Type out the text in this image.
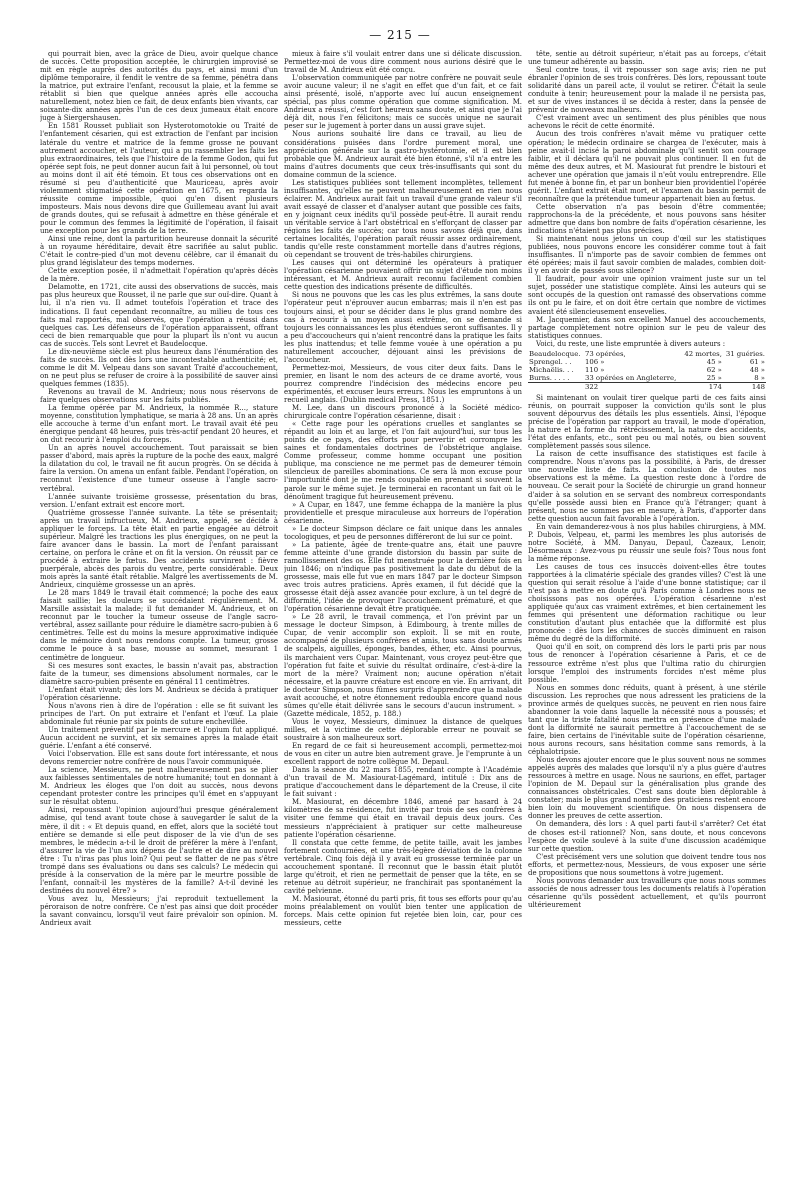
— 215 —

qui pourrait bien, avec la grâce de Dieu, avoir quelque chance de succès. Cette proposition acceptée, le chirurgien improvisé se mit en règle auprès des autorités du pays, et ainsi muni d'un diplôme temporaire, il fendit le ventre de sa femme, pénétra dans la matrice, put extraire l'enfant, recousut la plaie, et la femme se rétablit si bien que quelque années après elle accoucha naturellement, notez bien ce fait, de deux enfants bien vivants, car soixante-dix années après l'un de ces deux jumeaux était encore juge à Siergershausen.

En 1581 Rousset publiait son Hysterotomotokie ou Traité de l'enfantement césarien, qui est extraction de l'enfant par incision latérale du ventre et matrice de la femme grosse ne pouvant autrement accoucher, et l'auteur, qui a pu rassembler les faits les plus extraordinaires, tels que l'histoire de la femme Godon, qui fut opérée sept fois, ne peut donner aucun fait à lui personnel, où tout au moins dont il ait été témoin. Et tous ces observations ont en résumé si peu d'authenticité que Mauriceau, après avoir violemment stigmatisé cette opération en 1675, en regarda la réussite comme impossible, quoi qu'en disent plusieurs imposteurs. Mais nous devons dire que Guillemeau avant lui avait de grands doutes, qui se refusait à admettre en thèse générale et pour le commun des femmes la légitimité de l'opération, il faisait une exception pour les grands de la terre.

Ainsi une reine, dont la parturition heureuse donnait la sécurité à un royaume héréditaire, devait être sacrifiée au salut public. C'était le contre-pied d'un mot devenu célèbre, car il émanait du plus grand législateur des temps modernes.

Cette exception posée, il n'admettait l'opération qu'après décès de la mère.

Delamotte, en 1721, cite aussi des observations de succès, mais pas plus heureux que Rousset, il ne parle que sur ouï-dire. Quant à lui, il n'a rien vu. Il admet toutefois l'opération et trace des indications. Il faut cependant reconnaître, au milieu de tous ces faits mal rapportés, mal observés, que l'opération a réussi dans quelques cas. Les défenseurs de l'opération apparaissent, offrant ceci de bien remarquable que pour la plupart ils n'ont vu aucun cas de succès. Tels sont Levret et Baudelocque.

Le dix-neuvième siècle est plus heureux dans l'énumération des faits de succès. Ils ont dès lors une incontestable authenticité; et, comme le dit M. Velpeau dans son savant Traité d'accouchement, on ne peut plus se refuser de croire à la possibilité de sauver ainsi quelques femmes (1835).

Revenons au travail de M. Andrieux; nous nous réservons de faire quelques observations sur les faits publiés.

La femme opérée par M. Andrieux, la nommée R..., stature moyenne, constitution lymphatique, se maria à 28 ans. Un an après elle accouche à terme d'un enfant mort. Le travail avait été peu énergique pendant 48 heures, puis très-actif pendant 20 heures, et on dut recourir à l'emploi du forceps.

Un an après nouvel accouchement. Tout paraissait se bien passer d'abord, mais après la rupture de la poche des eaux, malgré la dilatation du col, le travail ne fit aucun progrès. On se décida à faire la version. On amena un enfant faible. Pendant l'opération, on reconnut l'existence d'une tumeur osseuse à l'angle sacro-vertébral.

L'année suivante troisième grossesse, présentation du bras, version. L'enfant extrait est encore mort.

Quatrième grossesse l'année suivante. La tête se présentait; après un travail infructueux, M. Andrieux, appelé, se décide à appliquer le forceps. La tête était en partie engagée au détroit supérieur. Malgré les tractions les plus énergiques, on ne peut la faire avancer dans le bassin. La mort de l'enfant paraissant certaine, on perfora le crâne et on fit la version. On réussit par ce procédé à extraire le fœtus. Des accidents survinrent : fièvre puerpérale, abcès des parois du ventre, perte considérable. Deux mois après la santé était rétablie. Malgré les avertissements de M. Andrieux, cinquième grossesse un an après.

Le 28 mars 1849 le travail était commencé; la poche des eaux faisait saillie; les douleurs se succédaient régulièrement. M. Marsille assistait la malade; il fut demander M. Andrieux, et on reconnut par le toucher la tumeur osseuse de l'angle sacro-vertébral, assez saillante pour réduire le diamètre sacro-pubien à 6 centimètres. Telle est du moins la mesure approximative indiquée dans le mémoire dont nous rendons compte. La tumeur, grosse comme le pouce à sa base, mousse au sommet, mesurant 1 centimètre de longueur.

Si ces mesures sont exactes, le bassin n'avait pas, abstraction faite de la tumeur, ses dimensions absolument normales, car le diamètre sacro-pubien présente en général 11 centimètres.

L'enfant était vivant; dès lors M. Andrieux se décida à pratiquer l'opération césarienne.

Nous n'avons rien à dire de l'opération : elle se fit suivant les principes de l'art. On put extraire et l'enfant et l'œuf. La plaie abdominale fut réunie par six points de suture enchevillée.

Un traitement préventif par le mercure et l'opium fut appliqué. Aucun accident ne survint, et six semaines après la malade était guérie. L'enfant a été conservé.

Voici l'observation. Elle est sans doute fort intéressante, et nous devons remercier notre confrère de nous l'avoir communiquée.

La science, Messieurs, ne peut malheureusement pas se plier aux faiblesses sentimentales de notre humanité; tout en donnant à M. Andrieux les éloges que l'on doit au succès, nous devons cependant protester contre les principes qu'il émet en s'appuyant sur le résultat obtenu.

Ainsi, repoussant l'opinion aujourd'hui presque généralement admise, qui tend avant toute chose à sauvegarder le salut de la mère, il dit : « Et depuis quand, en effet, alors que la société tout entière se demande si elle peut disposer de la vie d'un de ses membres, le médecin a-t-il le droit de préférer la mère à l'enfant, d'assurer la vie de l'un aux dépens de l'autre et de dire au nouvel être : Tu n'iras pas plus loin? Qui peut se flatter de ne pas s'être trompé dans ses évaluations ou dans ses calculs? Le médecin qui préside à la conservation de la mère par le meurtre possible de l'enfant, connaît-il les mystères de la famille? A-t-il deviné les destinées du nouvel être? »

Vous avez lu, Messieurs; j'ai reproduit textuellement la péroraison de notre confrère. Ce n'est pas ainsi que doit procéder la savant convaincu, lorsqu'il veut faire prévaloir son opinion. M. Andrieux avait

mieux à faire s'il voulait entrer dans une si délicate discussion. Permettez-moi de vous dire comment nous aurions désiré que le travail de M. Andrieux eût été conçu.

L'observation communiquée par notre confrère ne pouvait seule avoir aucune valeur; il ne s'agit en effet que d'un fait, et ce fait ainsi présenté, isolé, n'apporte avec lui aucun enseignement spécial, pas plus comme opération que comme signification. M. Andrieux a réussi, c'est fort heureux sans doute, et ainsi que je l'ai déjà dit, nous l'en félicitons; mais ce succès unique ne saurait peser sur le jugement à porter dans un aussi grave sujet.

Nous aurions souhaité lire dans ce travail, au lieu de considérations puisées dans l'ordre purement moral, une appréciation générale sur la gastro-hystérotomie, et il est bien probable que M. Andrieux aurait été bien étonné, s'il n'a entre les mains d'autres documents que ceux très-insuffisants qui sont du domaine commun de la science.

Les statistiques publiées sont tellement incomplètes, tellement insuffisantes, qu'elles ne peuvent malheureusement en rien nous éclairer. M. Andrieux aurait fait un travail d'une grande valeur s'il avait essayé de classer et d'analyser autant que possible ces faits, en y joignant ceux inédits qu'il possède peut-être. Il aurait rendu un véritable service à l'art obstétrical en s'efforçant de classer par régions les faits de succès; car tous nous savons déjà que, dans certaines localités, l'opération paraît réussir assez ordinairement, tandis qu'elle reste constamment mortelle dans d'autres régions, où cependant se trouvent de très-habiles chirurgiens.

Les causes qui ont déterminé les opérateurs à pratiquer l'opération césarienne pouvaient offrir un sujet d'étude non moins intéressant, et M. Andrieux aurait reconnu facilement combien cette question des indications présente de difficultés.

Si nous ne pouvons que les cas les plus extrêmes, la sans doute l'opérateur peut n'éprouver aucun embarras; mais il n'en est pas toujours ainsi, et pour se décider dans le plus grand nombre des cas à recourir à un moyen aussi extrême, on se demande si toujours les connaissances les plus étendues seront suffisantes. Il y a peu d'accoucheurs qui n'aient rencontré dans la pratique les faits les plus inattendus; et telle femme vouée à une opération a pu naturellement accoucher, déjouant ainsi les prévisions de l'accoucheur.

Permettez-moi, Messieurs, de vous citer deux faits. Dans le premier, en lisant le nom des acteurs de ce drame avorté, vous pourrez comprendre l'indécision des médecins encore peu expérimentés, et excuser leurs erreurs. Nous les empruntons à un recueil anglais. (Dublin medical Press, 1851.)

M. Lee, dans un discours prononcé à la Société médico-chirurgicale contre l'opération césarienne, disait :

« Cette rage pour les opérations cruelles et sanglantes se répandit au loin et au large, et l'on fait aujourd'hui, sur tous les points de ce pays, des efforts pour pervertir et corrompre les saines et fondamentales doctrines de l'obstétrique anglaise. Comme professeur, comme homme occupant une position publique, ma conscience ne me permet pas de demeurer témoin silencieux de pareilles abominations. Ce sera là mon excuse pour l'importunité dont je me rends coupable en prenant si souvent la parole sur le même sujet. Je terminerai en racontant un fait où le dénoûment tragique fut heureusement prévenu.

» A Cupar, en 1847, une femme échappa de la manière la plus providentielle et presque miraculeuse aux horreurs de l'opération césarienne.

» Le docteur Simpson déclare ce fait unique dans les annales tocologiques, et peu de personnes différeront de lui sur ce point.

» La patiente, âgée de trente-quatre ans, était une pauvre femme atteinte d'une grande distorsion du bassin par suite de ramollissement des os. Elle fut menstruée pour la dernière fois en juin 1846; on n'indique pas positivement la date du début de la grossesse, mais elle fut vue en mars 1847 par le docteur Simpson avec trois autres praticiens. Après examen, il fut décidé que la grossesse était déjà assez avancée pour exclure, à un tel degré de difformité, l'idée de provoquer l'accouchement prématuré, et que l'opération césarienne devait être pratiquée.

» Le 28 avril, le travail commença, et l'on prévint par un message le docteur Simpson, à Edimbourg, à trente milles de Cupar, de venir accomplir son exploit. Il se mit en route, accompagné de plusieurs confrères et amis, tous sans doute armés de scalpels, aiguilles, éponges, bandes, éther, etc. Ainsi pourvus, ils marchaient vers Cupar. Maintenant, vous croyez peut-être que l'opération fut faite et suivie du résultat ordinaire, c'est-à-dire la mort de la mère? Vraiment non; aucune opération n'était nécessaire, et la pauvre créature est encore en vie. En arrivant, dit le docteur Simpson, nous fûmes surpris d'apprendre que la malade avait accouché, et notre étonnement redoubla encore quand nous sûmes qu'elle était délivrée sans le secours d'aucun instrument. » (Gazette médicale, 1852, p. 188.)

Vous le voyez, Messieurs, diminuez la distance de quelques milles, et la victime de cette déplorable erreur ne pouvait se soustraire à son malheureux sort.

En regard de ce fait si heureusement accompli, permettez-moi de vous en citer un autre bien autrement grave. Je l'emprunte à un excellent rapport de notre collègue M. Depaul.

Dans la séance du 22 mars 1855, rendant compte à l'Académie d'un travail de M. Masiourat-Lagémard, intitulé : Dix ans de pratique d'accouchement dans le département de la Creuse, il cite le fait suivant :

M. Masiourat, en décembre 1846, amené par hasard à 24 kilomètres de sa résidence, fut invité par trois de ses confrères à visiter une femme qui était en travail depuis deux jours. Ces messieurs n'appréciaient à pratiquer sur cette malheureuse patiente l'opération césarienne.

Il constata que cette femme, de petite taille, avait les jambes fortement contournées, et une très-légère déviation de la colonne vertébrale. Cinq fois déjà il y avait eu grossesse terminée par un accouchement spontané. Il reconnut que le bassin était plutôt large qu'étroit, et rien ne permettait de penser que la tête, en se retenue au détroit supérieur, ne franchirait pas spontanément la cavité pelvienne.

M. Masiourat, étonné du parti pris, fit tous ses efforts pour qu'au moins préalablement on voulût bien tenter une application de forceps. Mais cette opinion fut rejetée bien loin, car, pour ces messieurs, cette

tête, sentie au détroit supérieur, n'était pas au forceps, c'était une tumeur adhérente au bassin.

Seul contre tous, il vit repousser son sage avis; rien ne put ébranler l'opinion de ses trois confrères. Dès lors, repoussant toute solidarité dans un pareil acte, il voulut se retirer. C'était la seule conduite à tenir; heureusement pour la malade il ne persista pas, et sur de vives instances il se décida à rester, dans la pensée de prévenir de nouveaux malheurs.

C'est vraiment avec un sentiment des plus pénibles que nous achevons le récit de cette énormité.

Aucun des trois confrères n'avait même vu pratiquer cette opération; le médecin ordinaire se chargea de l'exécuter, mais à peine avait-il incisé la paroi abdominale qu'il sentit son courage faiblir, et il déclara qu'il ne pouvait plus continuer. Il en fut de même des deux autres, et M. Masiourat fut prendre le bistouri et achever une opération que jamais il n'eût voulu entreprendre. Elle fut menée à bonne fin, et par un bonheur bien providentiel l'opérée guérit. L'enfant extrait était mort, et l'examen du bassin permit de reconnaître que la prétendue tumeur appartenait bien au fœtus.

Cette observation n'a pas besoin d'être commentée; rapprochons-la de la précédente, et nous pouvons sans hésiter admettre que dans bon nombre de faits d'opération césarienne, les indications n'étaient pas plus précises.

Si maintenant nous jetons un coup d'œil sur les statistiques publiées, nous pouvons encore les considérer comme tout à fait insuffisantes. Il n'importe pas de savoir combien de femmes ont été opérées; mais il faut savoir combien de malades, combien doit-il y en avoir de passés sous silence?

Il faudrait, pour avoir une opinion vraiment juste sur un tel sujet, posséder une statistique complète. Ainsi les auteurs qui se sont occupés de la question ont ramassé des observations comme ils ont pu le faire, et on doit être certain que nombre de victimes avaient été silencieusement ensevelies.

M. Jacquemier, dans son excellent Manuel des accouchements, partage complètement notre opinion sur le peu de valeur des statistiques connues.

Voici, du reste, une liste empruntée à divers auteurs :

Beaudelocque.	73 opérées,	42 mortes,	31 guéries.
Sprengel. . .	106 »	45 »	61 »
Michaëlis. . .	110 »	62 »	48 »
Burns. . . . .	33 opérées en Angleterre,	25 »	8 »
	322	174	148

Si maintenant on voulait tirer quelque parti de ces faits ainsi réunis, on pourrait supposer la conviction qu'ils sont le plus souvent dépourvus des détails les plus essentiels. Ainsi, l'époque précise de l'opération par rapport au travail, le mode d'opération, la nature et la forme du rétrécissement, la nature des accidents, l'état des enfants, etc., sont peu ou mal notés, ou bien souvent complètement passés sous silence.

La raison de cette insuffisance des statistiques est facile à comprendre. Nous n'avons pas la possibilité, à Paris, de dresser une nouvelle liste de faits. La conclusion de toutes nos observations est la même. La question reste donc à l'ordre de nouveau. Ce serait pour la Société de chirurgie un grand honneur d'aider à sa solution en se servant des nombreux correspondants qu'elle possède aussi bien en France qu'à l'étranger; quant à présent, nous ne sommes pas en mesure, à Paris, d'apporter dans cette question aucun fait favorable à l'opération.

En vain demanderez-vous à nos plus habiles chirurgiens, à MM. P. Dubois, Velpeau, et, parmi les membres les plus autorisés de notre Société, à MM. Danyau, Depaul, Cazeaux, Lenoir, Désormeaux : Avez-vous pu réussir une seule fois? Tous nous font la même réponse.

Les causes de tous ces insuccès doivent-elles être toutes rapportées à la climatérie spéciale des grandes villes? C'est là une question qui serait résolue à l'aide d'une bonne statistique; car il n'est pas à mettre en doute qu'à Paris comme à Londres nous ne choisissons pas nos opérées. L'opération césarienne n'est appliquée qu'aux cas vraiment extrêmes, et bien certainement les femmes qui présentent une déformation rachitique ou leur constitution d'autant plus entachée que la difformité est plus prononcée : dès lors les chances de succès diminuent en raison même du degré de la difformité.

Quoi qu'il en soit, on comprend dès lors le parti pris par nous tous de renoncer à l'opération césarienne à Paris, et ce de ressource extrême n'est plus que l'ultima ratio du chirurgien lorsque l'emploi des instruments forcides n'est même plus possible.

Nous en sommes donc réduits, quant à présent, à une stérile discussion. Les reproches que nous adressent les praticiens de la province armés de quelques succès, ne peuvent en rien nous faire abandonner la voie dans laquelle la nécessité nous a poussés; et tant que la triste fatalité nous mettra en présence d'une malade dont la difformité ne saurait permettre à l'accouchement de se faire, bien certains de l'inévitable suite de l'opération césarienne, nous aurons recours, sans hésitation comme sans remords, à la céphalotripsie.

Nous devons ajouter encore que le plus souvent nous ne sommes appelés auprès des malades que lorsqu'il n'y a plus guère d'autres ressources à mettre en usage. Nous ne saurions, en effet, partager l'opinion de M. Depaul sur la généralisation plus grande des connaissances obstétricales. C'est sans doute bien déplorable à constater; mais le plus grand nombre des praticiens restent encore bien loin du mouvement scientifique. On nous dispensera de donner les preuves de cette assertion.

On demandera, dès lors : A quel parti faut-il s'arrêter? Cet état de choses est-il rationnel? Non, sans doute, et nous concevons l'espèce de voile soulevé à la suite d'une discussion académique sur cette question.

C'est précisément vers une solution que doivent tendre tous nos efforts, et permettez-nous, Messieurs, de vous exposer une série de propositions que nous soumettons à votre jugement.

Nous pouvons demander aux travailleurs que nous nous sommes associés de nous adresser tous les documents relatifs à l'opération césarienne qu'ils possèdent actuellement, et qu'ils pourront ultérieurement
